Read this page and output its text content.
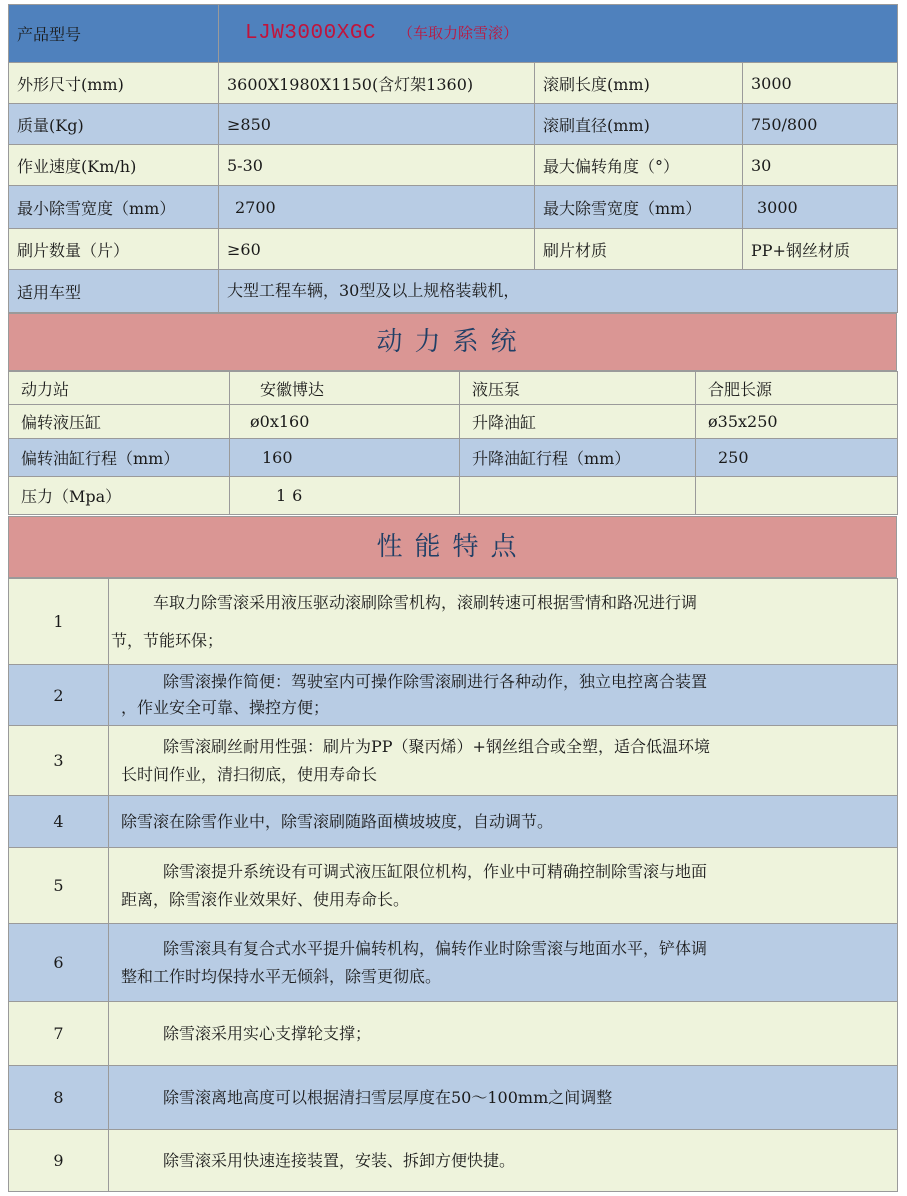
产品型号	LJW3000XGC （车取力除雪滚）		
外形尺寸(mm)	3600X1980X1150(含灯架1360)	滚刷长度(mm)	3000
质量(Kg)	≥850	滚刷直径(mm)	750/800
作业速度(Km/h)	5-30	最大偏转角度（°）	30
最小除雪宽度（mm）	2700	最大除雪宽度（mm）	3000
刷片数量（片）	≥60	刷片材质	PP+钢丝材质
适用车型	大型工程车辆，30型及以上规格装载机，		
动力系统
动力站	安徽博达	液压泵	合肥长源
偏转液压缸	ø0x160	升降油缸	ø35x250
偏转油缸行程（mm）	160	升降油缸行程（mm）	250
压力（Mpa）	16		
性能特点
1	车取力除雪滚采用液压驱动滚刷除雪机构，滚刷转速可根据雪情和路况进行调
节，节能环保；
2	除雪滚操作简便：驾驶室内可操作除雪滚刷进行各种动作，独立电控离合装置
，作业安全可靠、操控方便；
3	除雪滚刷丝耐用性强：刷片为PP（聚丙烯）+钢丝组合或全塑，适合低温环境
长时间作业，清扫彻底，使用寿命长
4	除雪滚在除雪作业中，除雪滚刷随路面横坡坡度，自动调节。
5	除雪滚提升系统设有可调式液压缸限位机构，作业中可精确控制除雪滚与地面
距离，除雪滚作业效果好、使用寿命长。
6	除雪滚具有复合式水平提升偏转机构，偏转作业时除雪滚与地面水平，铲体调
整和工作时均保持水平无倾斜，除雪更彻底。
7	除雪滚采用实心支撑轮支撑；
8	除雪滚离地高度可以根据清扫雪层厚度在50～100mm之间调整
9	除雪滚采用快速连接装置，安装、拆卸方便快捷。
